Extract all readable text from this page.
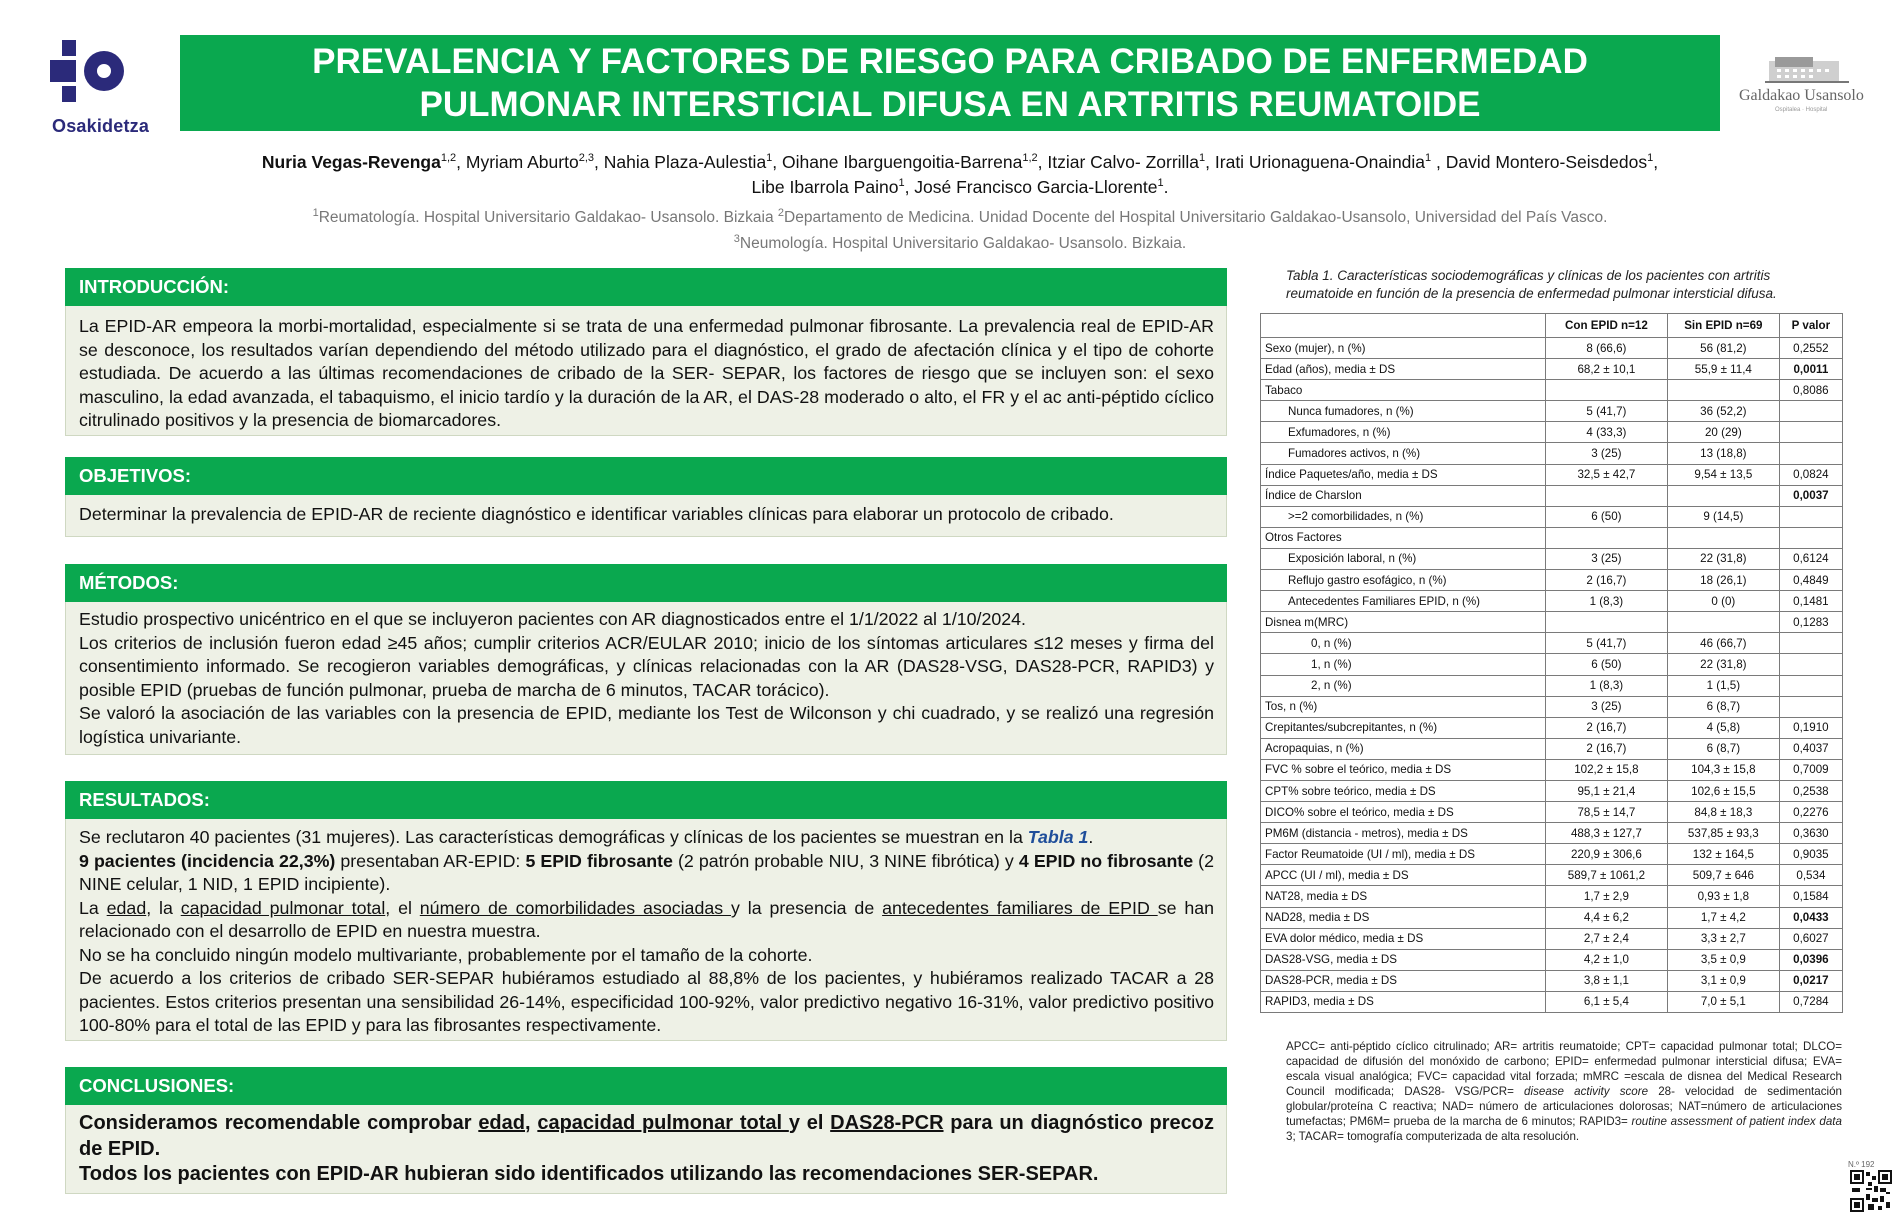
Osakidetza
PREVALENCIA Y FACTORES DE RIESGO PARA CRIBADO DE ENFERMEDAD
PULMONAR INTERSTICIAL DIFUSA EN ARTRITIS REUMATOIDE	Galdakao Usansolo
Ospitalea · Hospital
Nuria Vegas-Revenga$^{1,2}$, Myriam Aburto$^{2,3}$, Nahia Plaza-Aulestia$^1$, Oihane Ibarguengoitia-Barrena$^{1,2}$, Itziar Calvo- Zorrilla$^1$, Irati Urionaguena-Onaindia$^1$ , David Montero-Seisdedos$^1$,
Libe Ibarrola Paino$^1$, José Francisco Garcia-Llorente$^1$.
$^1$Reumatología. Hospital Universitario Galdakao- Usansolo. Bizkaia $^2$Departamento de Medicina. Unidad Docente del Hospital Universitario Galdakao-Usansolo, Universidad del País Vasco.
$^3$Neumología. Hospital Universitario Galdakao- Usansolo. Bizkaia.
INTRODUCCIÓN:

La EPID-AR empeora la morbi-mortalidad, especialmente si se trata de una enfermedad pulmonar fibrosante. La prevalencia real de EPID-AR se desconoce, los resultados varían dependiendo del método utilizado para el diagnóstico, el grado de afectación clínica y el tipo de cohorte estudiada. De acuerdo a las últimas recomendaciones de cribado de la SER- SEPAR, los factores de riesgo que se incluyen son: el sexo masculino, la edad avanzada, el tabaquismo, el inicio tardío y la duración de la AR, el DAS-28 moderado o alto, el FR y el ac anti-péptido cíclico citrulinado positivos y la presencia de biomarcadores.

OBJETIVOS:

Determinar la prevalencia de EPID-AR de reciente diagnóstico e identificar variables clínicas para elaborar un protocolo de cribado.

MÉTODOS:

Estudio prospectivo unicéntrico en el que se incluyeron pacientes con AR diagnosticados entre el 1/1/2022 al 1/10/2024.

Los criterios de inclusión fueron edad ≥45 años; cumplir criterios ACR/EULAR 2010; inicio de los síntomas articulares ≤12 meses y firma del consentimiento informado. Se recogieron variables demográficas, y clínicas relacionadas con la AR (DAS28-VSG, DAS28-PCR, RAPID3) y posible EPID (pruebas de función pulmonar, prueba de marcha de 6 minutos, TACAR torácico).

Se valoró la asociación de las variables con la presencia de EPID, mediante los Test de Wilconson y chi cuadrado, y se realizó una regresión logística univariante.

RESULTADOS:

Se reclutaron 40 pacientes (31 mujeres). Las características demográficas y clínicas de los pacientes se muestran en la Tabla 1.

9 pacientes (incidencia 22,3%) presentaban AR-EPID: 5 EPID fibrosante (2 patrón probable NIU, 3 NINE fibrótica) y 4 EPID no fibrosante (2 NINE celular, 1 NID, 1 EPID incipiente).

La edad, la capacidad pulmonar total, el número de comorbilidades asociadas y la presencia de antecedentes familiares de EPID se han relacionado con el desarrollo de EPID en nuestra muestra.

No se ha concluido ningún modelo multivariante, probablemente por el tamaño de la cohorte.

De acuerdo a los criterios de cribado SER-SEPAR hubiéramos estudiado al 88,8% de los pacientes, y hubiéramos realizado TACAR a 28 pacientes. Estos criterios presentan una sensibilidad 26-14%, especificidad 100-92%, valor predictivo negativo 16-31%, valor predictivo positivo 100-80% para el total de las EPID y para las fibrosantes respectivamente.

CONCLUSIONES:

Consideramos recomendable comprobar edad, capacidad pulmonar total y el DAS28-PCR para un diagnóstico precoz de EPID.

Todos los pacientes con EPID-AR hubieran sido identificados utilizando las recomendaciones SER-SEPAR.

Tabla 1. Características sociodemográficas y clínicas de los pacientes con artritis reumatoide en función de la presencia de enfermedad pulmonar intersticial difusa.
	Con EPID n=12	Sin EPID n=69	P valor
Sexo (mujer), n (%)	8 (66,6)	56 (81,2)	0,2552
Edad (años), media ± DS	68,2 ± 10,1	55,9 ± 11,4	0,0011
Tabaco			0,8086
Nunca fumadores, n (%)	5 (41,7)	36 (52,2)	
Exfumadores, n (%)	4 (33,3)	20 (29)	
Fumadores activos, n (%)	3 (25)	13 (18,8)	
Índice Paquetes/año, media ± DS	32,5 ± 42,7	9,54 ± 13,5	0,0824
Índice de Charslon			0,0037
>=2 comorbilidades, n (%)	6 (50)	9 (14,5)	
Otros Factores			
Exposición laboral, n (%)	3 (25)	22 (31,8)	0,6124
Reflujo gastro esofágico, n (%)	2 (16,7)	18 (26,1)	0,4849
Antecedentes Familiares EPID, n (%)	1 (8,3)	0 (0)	0,1481
Disnea m(MRC)			0,1283
0, n (%)	5 (41,7)	46 (66,7)	
1, n (%)	6 (50)	22 (31,8)	
2, n (%)	1 (8,3)	1 (1,5)	
Tos, n (%)	3 (25)	6 (8,7)	
Crepitantes/subcrepitantes, n (%)	2 (16,7)	4 (5,8)	0,1910
Acropaquias, n (%)	2 (16,7)	6 (8,7)	0,4037
FVC % sobre el teórico, media ± DS	102,2 ± 15,8	104,3 ± 15,8	0,7009
CPT% sobre teórico, media ± DS	95,1 ± 21,4	102,6 ± 15,5	0,2538
DICO% sobre el teórico, media ± DS	78,5 ± 14,7	84,8 ± 18,3	0,2276
PM6M (distancia - metros), media ± DS	488,3 ± 127,7	537,85 ± 93,3	0,3630
Factor Reumatoide (UI / ml), media ± DS	220,9 ± 306,6	132 ± 164,5	0,9035
APCC (UI / ml), media ± DS	589,7 ± 1061,2	509,7 ± 646	0,534
NAT28, media ± DS	1,7 ± 2,9	0,93 ± 1,8	0,1584
NAD28, media ± DS	4,4 ± 6,2	1,7 ± 4,2	0,0433
EVA dolor médico, media ± DS	2,7 ± 2,4	3,3 ± 2,7	0,6027
DAS28-VSG, media ± DS	4,2 ± 1,0	3,5 ± 0,9	0,0396
DAS28-PCR, media ± DS	3,8 ± 1,1	3,1 ± 0,9	0,0217
RAPID3, media ± DS	6,1 ± 5,4	7,0 ± 5,1	0,7284
APCC= anti-péptido cíclico citrulinado; AR= artritis reumatoide; CPT= capacidad pulmonar total; DLCO= capacidad de difusión del monóxido de carbono; EPID= enfermedad pulmonar intersticial difusa; EVA= escala visual analógica; FVC= capacidad vital forzada; mMRC =escala de disnea del Medical Research Council modificada; DAS28- VSG/PCR= disease activity score 28- velocidad de sedimentación globular/proteína C reactiva; NAD= número de articulaciones dolorosas; NAT=número de articulaciones tumefactas; PM6M= prueba de la marcha de 6 minutos; RAPID3= routine assessment of patient index data 3; TACAR= tomografía computerizada de alta resolución.
N.º 192
